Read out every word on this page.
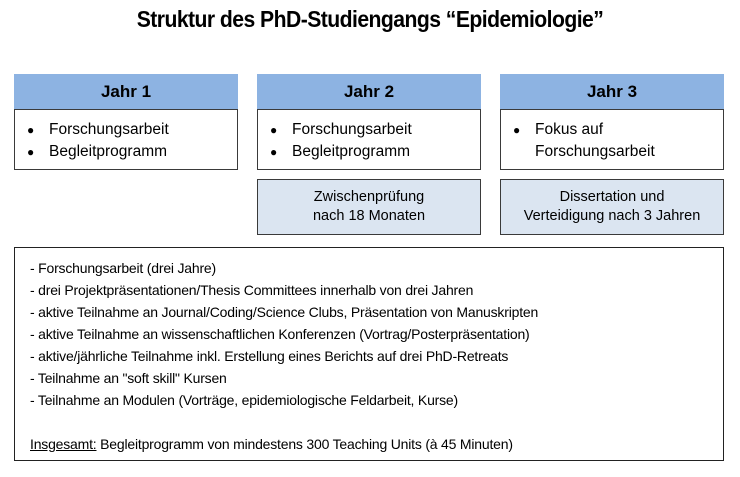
Struktur des PhD-Studiengangs “Epidemiologie”
Jahr 1
● Forschungsarbeit
● Begleitprogramm
Jahr 2
● Forschungsarbeit
● Begleitprogramm
Zwischenprüfung
nach 18 Monaten
Jahr 3
● Fokus auf Forschungsarbeit
Dissertation und
Verteidigung nach 3 Jahren
- Forschungsarbeit (drei Jahre)
- drei Projektpräsentationen/Thesis Committees innerhalb von drei Jahren
- aktive Teilnahme an Journal/Coding/Science Clubs, Präsentation von Manuskripten
- aktive Teilnahme an wissenschaftlichen Konferenzen (Vortrag/Posterpräsentation)
- aktive/jährliche Teilnahme inkl. Erstellung eines Berichts auf drei PhD-Retreats
- Teilnahme an "soft skill" Kursen
- Teilnahme an Modulen (Vorträge, epidemiologische Feldarbeit, Kurse)
Insgesamt: Begleitprogramm von mindestens 300 Teaching Units (à 45 Minuten)
